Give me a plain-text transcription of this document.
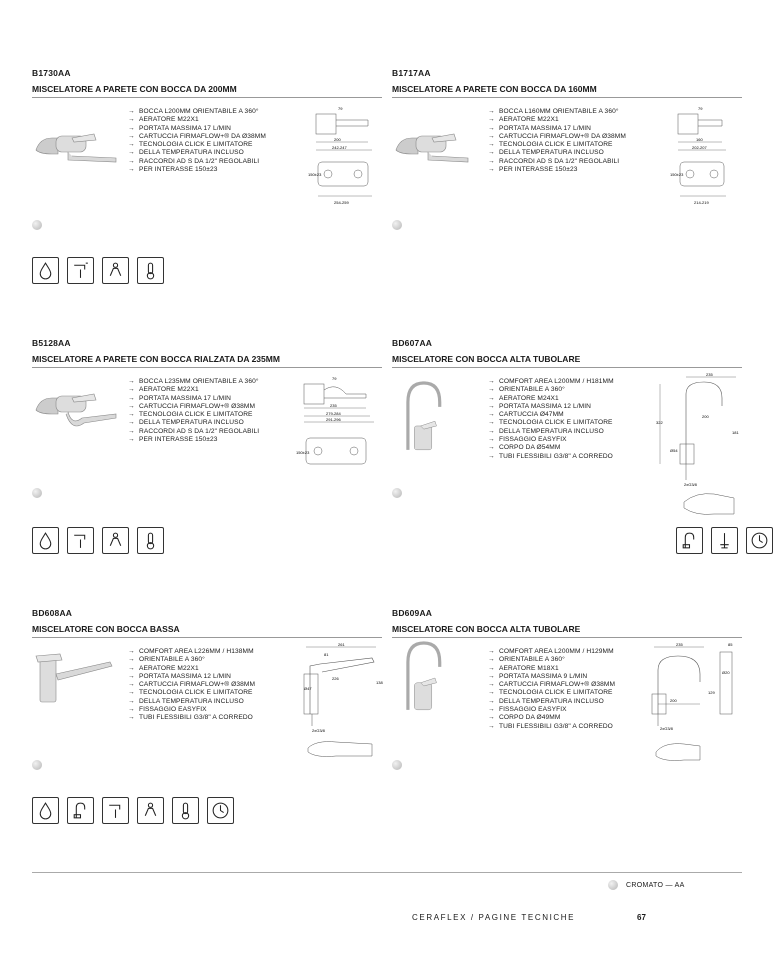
B1730AA
MISCELATORE A PARETE CON BOCCA DA 200MM
→ BOCCA L200MM ORIENTABILE A 360°
→ AERATORE M22X1
→ PORTATA MASSIMA 17 L/MIN
→ CARTUCCIA FIRMAFLOW+® DA Ø38MM
→ TECNOLOGIA CLICK E LIMITATORE
→ DELLA TEMPERATURA INCLUSO
→ RACCORDI AD S DA 1/2" REGOLABILI
→ PER INTERASSE 150±23
79
200
242-247
150±23
254-259
B1717AA
MISCELATORE A PARETE CON BOCCA DA 160MM
→ BOCCA L160MM ORIENTABILE A 360°
→ AERATORE M22X1
→ PORTATA MASSIMA 17 L/MIN
→ CARTUCCIA FIRMAFLOW+® DA Ø38MM
→ TECNOLOGIA CLICK E LIMITATORE
→ DELLA TEMPERATURA INCLUSO
→ RACCORDI AD S DA 1/2" REGOLABILI
→ PER INTERASSE 150±23
79
160
202-207
150±23
214-219
B5128AA
MISCELATORE A PARETE CON BOCCA RIALZATA DA 235MM
→ BOCCA L235MM ORIENTABILE A 360°
→ AERATORE M22X1
→ PORTATA MASSIMA 17 L/MIN
→ CARTUCCIA FIRMAFLOW+® Ø38MM
→ TECNOLOGIA CLICK E LIMITATORE
→ DELLA TEMPERATURA INCLUSO
→ RACCORDI AD S DA 1/2" REGOLABILI
→ PER INTERASSE 150±23
79
235
279-284
291-296
150±23
BD607AA
MISCELATORE CON BOCCA ALTA TUBOLARE
→ COMFORT AREA L200MM / H181MM
→ ORIENTABILE A 360°
→ AERATORE M24X1
→ PORTATA MASSIMA 12 L/MIN
→ CARTUCCIA Ø47MM
→ TECNOLOGIA CLICK E LIMITATORE
→ DELLA TEMPERATURA INCLUSO
→ FISSAGGIO EASYFIX
→ CORPO DA Ø54MM
→ TUBI FLESSIBILI G3/8" A CORREDO
235
200
181
322
Ø54
2xG3/8
BD608AA
MISCELATORE CON BOCCA BASSA
→ COMFORT AREA L226MM / H138MM
→ ORIENTABILE A 360°
→ AERATORE M22X1
→ PORTATA MASSIMA 12 L/MIN
→ CARTUCCIA FIRMAFLOW+® Ø38MM
→ TECNOLOGIA CLICK E LIMITATORE
→ DELLA TEMPERATURA INCLUSO
→ FISSAGGIO EASYFIX
→ TUBI FLESSIBILI G3/8" A CORREDO
261
81
226
138
Ø47
2xG3/8
BD609AA
MISCELATORE CON BOCCA ALTA TUBOLARE
→ COMFORT AREA L200MM / H129MM
→ ORIENTABILE A 360°
→ AERATORE M18X1
→ PORTATA MASSIMA 9 L/MIN
→ CARTUCCIA FIRMAFLOW+® Ø38MM
→ TECNOLOGIA CLICK E LIMITATORE
→ DELLA TEMPERATURA INCLUSO
→ FISSAGGIO EASYFIX
→ CORPO DA Ø49MM
→ TUBI FLESSIBILI G3/8" A CORREDO
235
200
129
85
Ø20
2xG3/8
CROMATO — AA
CERAFLEX / PAGINE TECNICHE	67
